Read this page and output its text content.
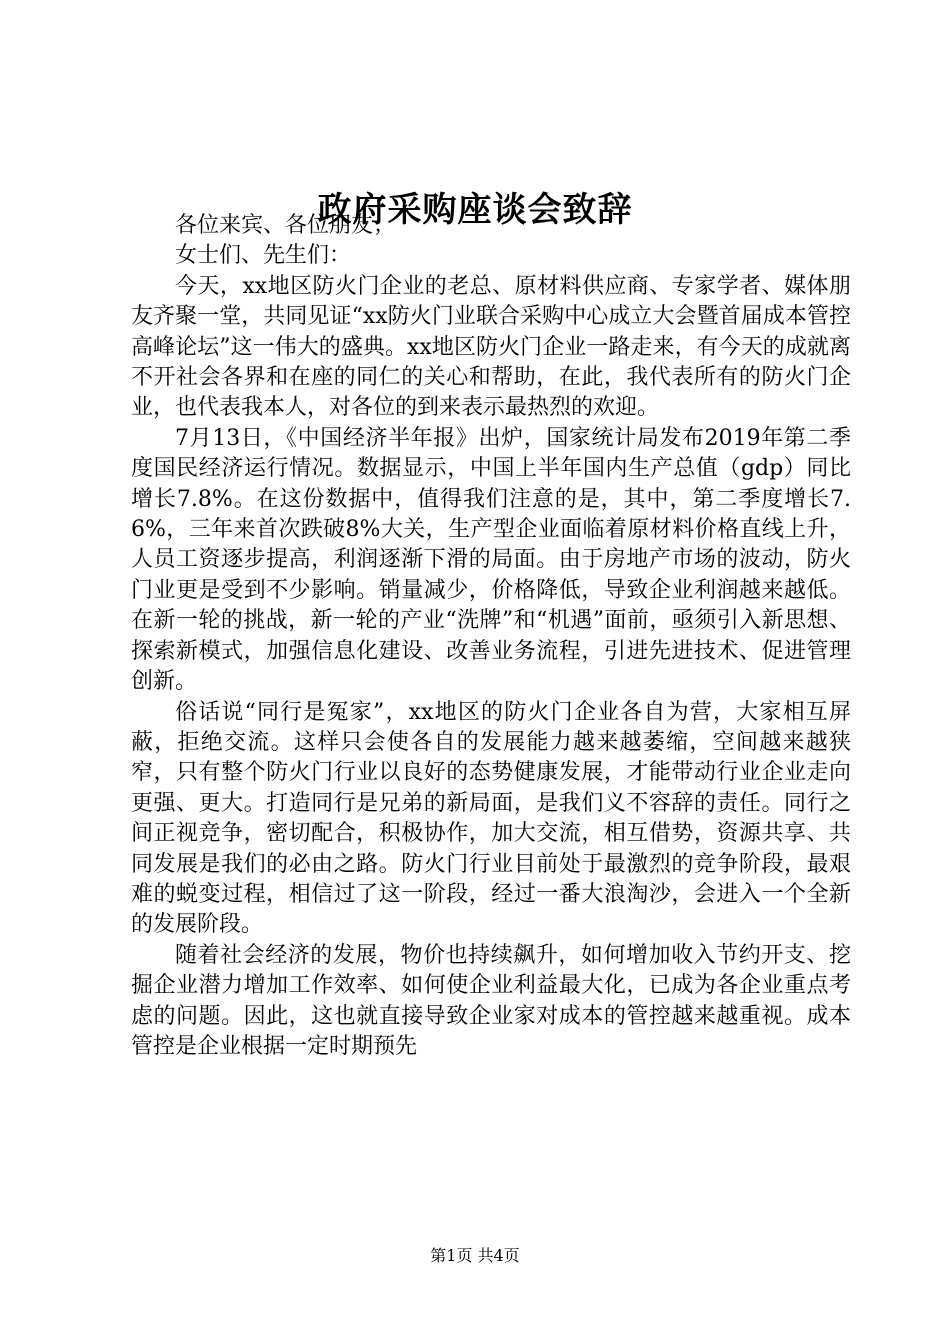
政府采购座谈会致辞

各位来宾、各位朋友；

女士们、先生们：

今天，xx地区防火门企业的老总、原材料供应商、专家学者、媒体朋友齐聚一堂，共同见证“xx防火门业联合采购中心成立大会暨首届成本管控高峰论坛”这一伟大的盛典。xx地区防火门企业一路走来，有今天的成就离不开社会各界和在座的同仁的关心和帮助，在此，我代表所有的防火门企业，也代表我本人，对各位的到来表示最热烈的欢迎。

7月13日，《中国经济半年报》出炉，国家统计局发布2019年第二季度国民经济运行情况。数据显示，中国上半年国内生产总值（gdp）同比增长7.8%。在这份数据中，值得我们注意的是，其中，第二季度增长7.6%，三年来首次跌破8%大关，生产型企业面临着原材料价格直线上升，人员工资逐步提高，利润逐渐下滑的局面。由于房地产市场的波动，防火门业更是受到不少影响。销量减少，价格降低，导致企业利润越来越低。在新一轮的挑战，新一轮的产业“洗牌”和“机遇”面前，亟须引入新思想、探索新模式，加强信息化建设、改善业务流程，引进先进技术、促进管理创新。

俗话说“同行是冤家”，xx地区的防火门企业各自为营，大家相互屏蔽，拒绝交流。这样只会使各自的发展能力越来越萎缩，空间越来越狭窄，只有整个防火门行业以良好的态势健康发展，才能带动行业企业走向更强、更大。打造同行是兄弟的新局面，是我们义不容辞的责任。同行之间正视竞争，密切配合，积极协作，加大交流，相互借势，资源共享、共同发展是我们的必由之路。防火门行业目前处于最激烈的竞争阶段，最艰难的蜕变过程，相信过了这一阶段，经过一番大浪淘沙，会进入一个全新的发展阶段。

随着社会经济的发展，物价也持续飙升，如何增加收入节约开支、挖掘企业潜力增加工作效率、如何使企业利益最大化，已成为各企业重点考虑的问题。因此，这也就直接导致企业家对成本的管控越来越重视。成本管控是企业根据一定时期预先

第1页 共4页
